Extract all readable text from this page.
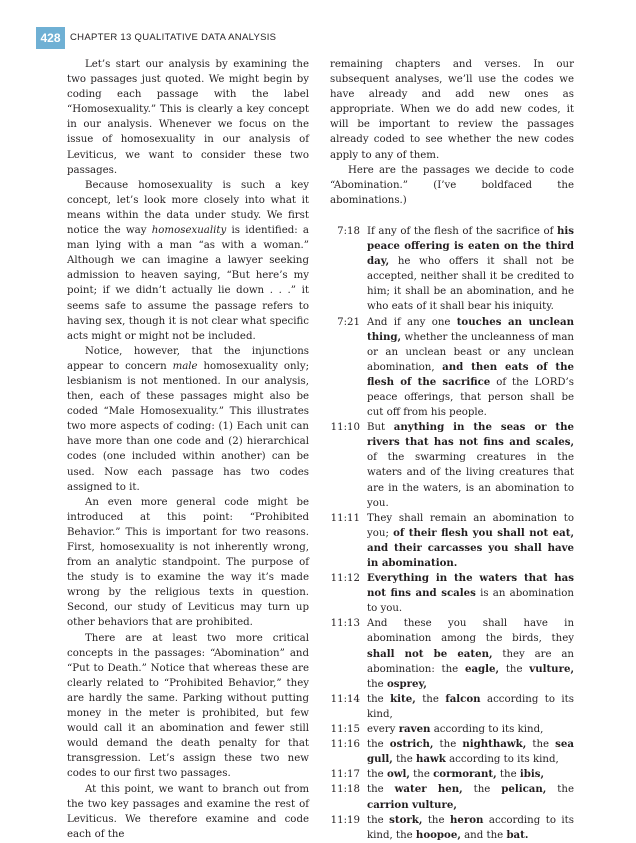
428 CHAPTER 13 QUALITATIVE DATA ANALYSIS

Let’s start our analysis by examining the two passages just quoted. We might begin by coding each passage with the label “Homosexuality.” This is clearly a key concept in our analysis. Whenever we focus on the issue of homosexuality in our analysis of Leviticus, we want to consider these two passages.

Because homosexuality is such a key concept, let’s look more closely into what it means within the data under study. We first notice the way homosexuality is identified: a man lying with a man “as with a woman.” Although we can imagine a lawyer seeking admission to heaven saying, “But here’s my point; if we didn’t actually lie down . . .” it seems safe to assume the passage refers to having sex, though it is not clear what specific acts might or might not be included.

Notice, however, that the injunctions appear to concern male homosexuality only; lesbianism is not mentioned. In our analysis, then, each of these passages might also be coded “Male Homosexuality.” This illustrates two more aspects of coding: (1) Each unit can have more than one code and (2) hierarchical codes (one included within another) can be used. Now each passage has two codes assigned to it.

An even more general code might be introduced at this point: “Prohibited Behavior.” This is important for two reasons. First, homosexuality is not inherently wrong, from an analytic standpoint. The purpose of the study is to examine the way it’s made wrong by the religious texts in question. Second, our study of Leviticus may turn up other behaviors that are prohibited.

There are at least two more critical concepts in the passages: “Abomination” and “Put to Death.” Notice that whereas these are clearly related to “Prohibited Behavior,” they are hardly the same. Parking without putting money in the meter is prohibited, but few would call it an abomination and fewer still would demand the death penalty for that transgression. Let’s assign these two new codes to our first two passages.

At this point, we want to branch out from the two key passages and examine the rest of Leviticus. We therefore examine and code each of the

remaining chapters and verses. In our subsequent analyses, we’ll use the codes we have already and add new ones as appropriate. When we do add new codes, it will be important to review the passages already coded to see whether the new codes apply to any of them.

Here are the passages we decide to code “Abomination.” (I’ve boldfaced the abominations.)

7:18 If any of the flesh of the sacrifice of his peace offering is eaten on the third day, he who offers it shall not be accepted, neither shall it be credited to him; it shall be an abomination, and he who eats of it shall bear his iniquity.

7:21 And if any one touches an unclean thing, whether the uncleanness of man or an unclean beast or any unclean abomination, and then eats of the flesh of the sacrifice of the LORD’s peace offerings, that person shall be cut off from his people.

11:10 But anything in the seas or the rivers that has not fins and scales, of the swarming creatures in the waters and of the living creatures that are in the waters, is an abomination to you.

11:11 They shall remain an abomination to you; of their flesh you shall not eat, and their carcasses you shall have in abomination.

11:12 Everything in the waters that has not fins and scales is an abomination to you.

11:13 And these you shall have in abomination among the birds, they shall not be eaten, they are an abomination: the eagle, the vulture, the osprey,

11:14 the kite, the falcon according to its kind,

11:15 every raven according to its kind,

11:16 the ostrich, the nighthawk, the sea gull, the hawk according to its kind,

11:17 the owl, the cormorant, the ibis,

11:18 the water hen, the pelican, the carrion vulture,

11:19 the stork, the heron according to its kind, the hoopoe, and the bat.
